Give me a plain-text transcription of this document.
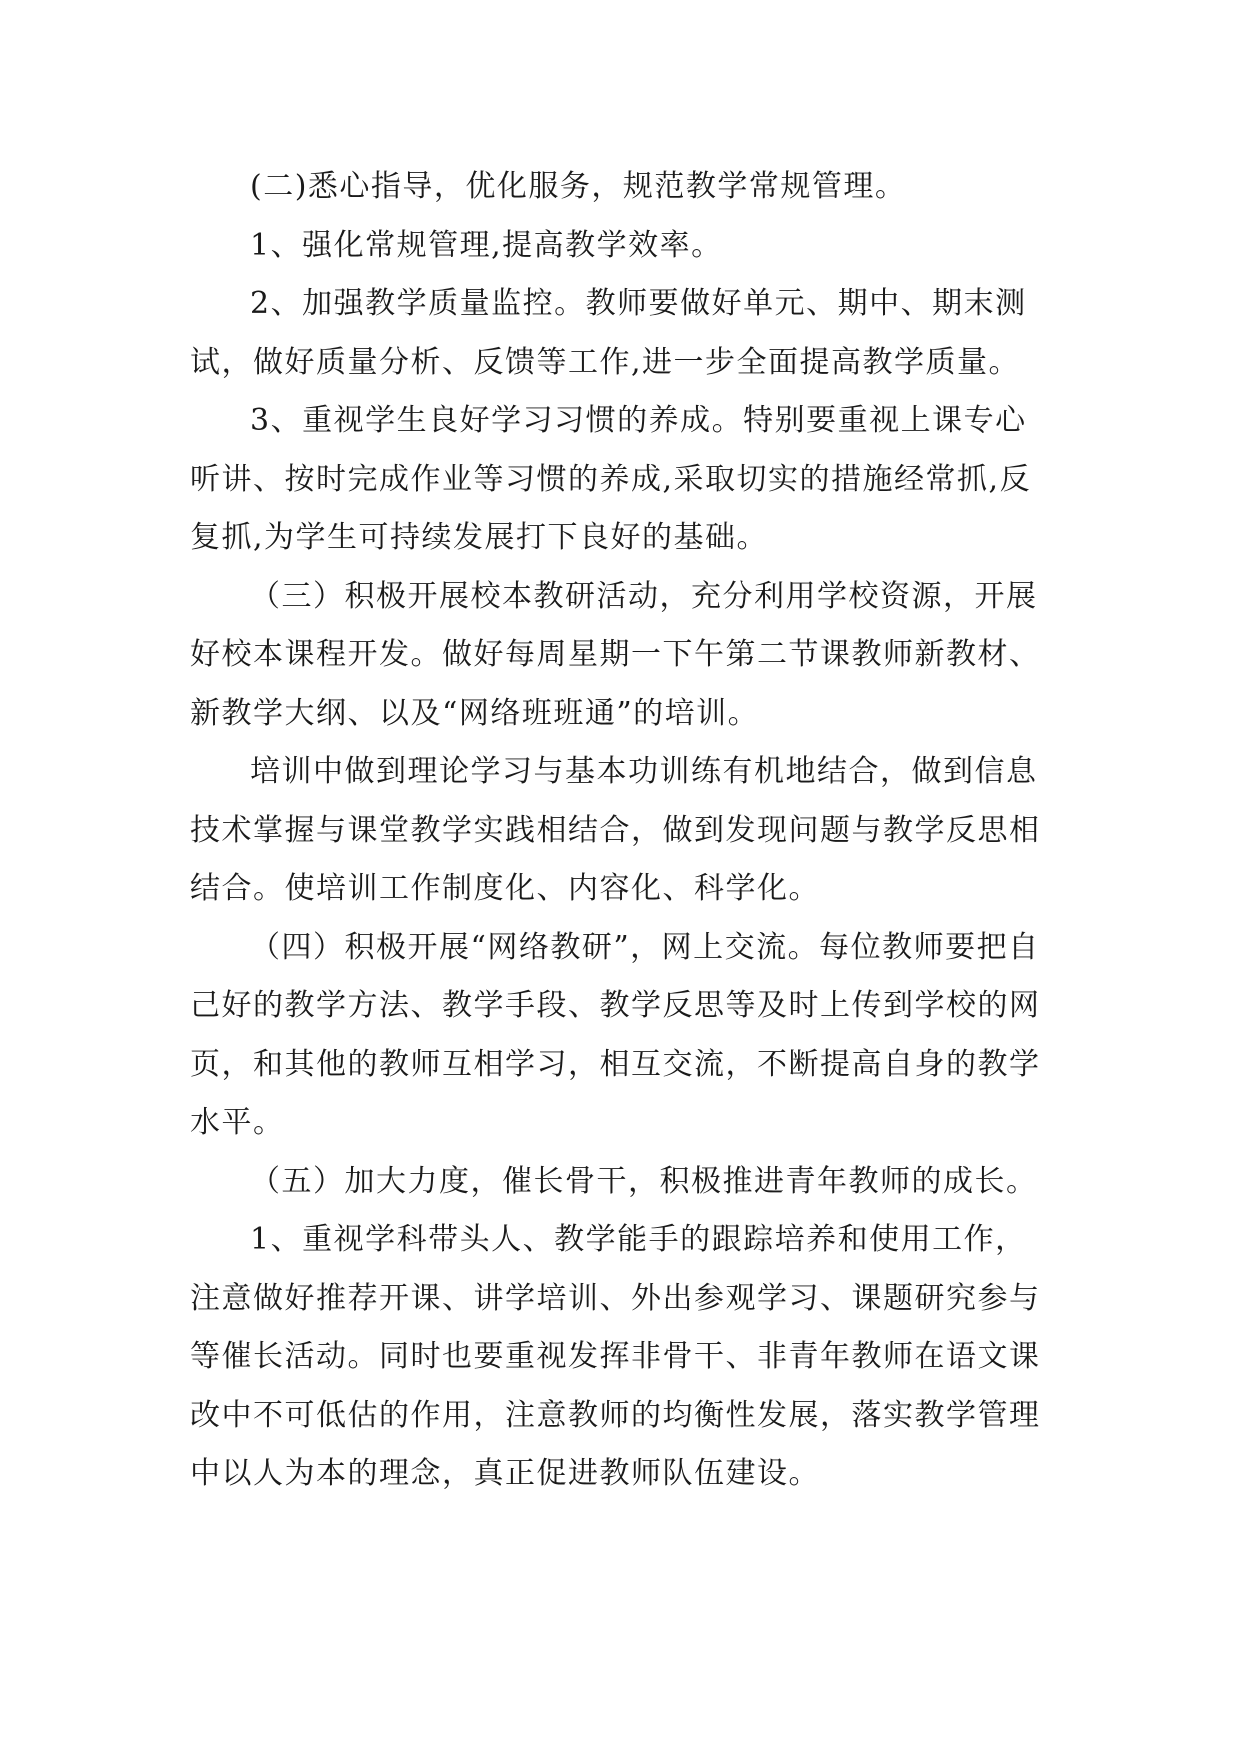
(二)悉心指导，优化服务，规范教学常规管理。

1、强化常规管理,提高教学效率。

2、加强教学质量监控。教师要做好单元、期中、期末测试，做好质量分析、反馈等工作,进一步全面提高教学质量。

3、重视学生良好学习习惯的养成。特别要重视上课专心听讲、按时完成作业等习惯的养成,采取切实的措施经常抓,反复抓,为学生可持续发展打下良好的基础。

（三）积极开展校本教研活动，充分利用学校资源，开展好校本课程开发。做好每周星期一下午第二节课教师新教材、新教学大纲、以及“网络班班通”的培训。

培训中做到理论学习与基本功训练有机地结合，做到信息技术掌握与课堂教学实践相结合，做到发现问题与教学反思相结合。使培训工作制度化、内容化、科学化。

（四）积极开展“网络教研”，网上交流。每位教师要把自己好的教学方法、教学手段、教学反思等及时上传到学校的网页，和其他的教师互相学习，相互交流，不断提高自身的教学水平。

（五）加大力度，催长骨干，积极推进青年教师的成长。

1、重视学科带头人、教学能手的跟踪培养和使用工作，注意做好推荐开课、讲学培训、外出参观学习、课题研究参与等催长活动。同时也要重视发挥非骨干、非青年教师在语文课改中不可低估的作用，注意教师的均衡性发展，落实教学管理中以人为本的理念，真正促进教师队伍建设。
